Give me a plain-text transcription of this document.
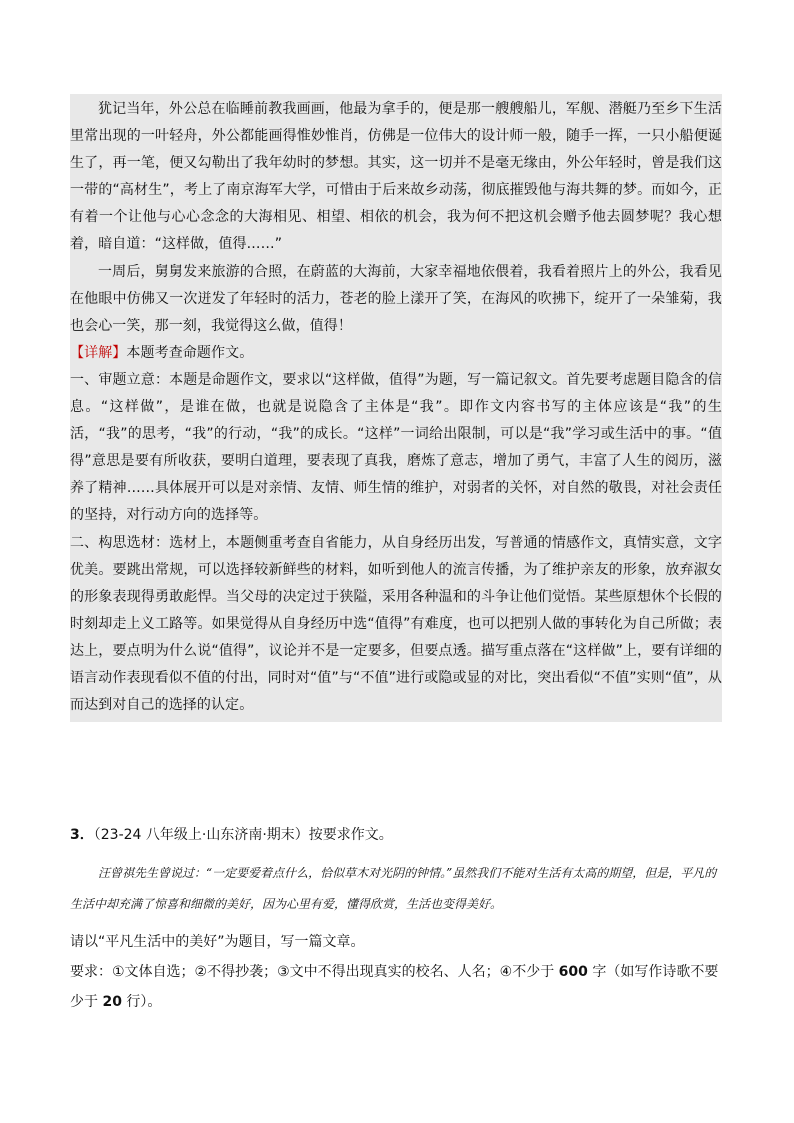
犹记当年，外公总在临睡前教我画画，他最为拿手的，便是那一艘艘船儿，军舰、潜艇乃至乡下生活里常出现的一叶轻舟，外公都能画得惟妙惟肖，仿佛是一位伟大的设计师一般，随手一挥，一只小船便诞生了，再一笔，便又勾勒出了我年幼时的梦想。其实，这一切并不是毫无缘由，外公年轻时，曾是我们这一带的“高材生”，考上了南京海军大学，可惜由于后来故乡动荡，彻底摧毁他与海共舞的梦。而如今，正有着一个让他与心心念念的大海相见、相望、相依的机会，我为何不把这机会赠予他去圆梦呢？我心想着，暗自道：“这样做，值得……”

一周后，舅舅发来旅游的合照，在蔚蓝的大海前，大家幸福地依偎着，我看着照片上的外公，我看见在他眼中仿佛又一次迸发了年轻时的活力，苍老的脸上漾开了笑，在海风的吹拂下，绽开了一朵雏菊，我也会心一笑，那一刻，我觉得这么做，值得！

【详解】本题考查命题作文。

一、审题立意：本题是命题作文，要求以“这样做，值得”为题，写一篇记叙文。首先要考虑题目隐含的信息。“这样做”，是谁在做，也就是说隐含了主体是“我”。即作文内容书写的主体应该是“我”的生活，“我”的思考，“我”的行动，“我”的成长。“这样”一词给出限制，可以是“我”学习或生活中的事。“值得”意思是要有所收获，要明白道理，要表现了真我，磨炼了意志，增加了勇气，丰富了人生的阅历，滋养了精神……具体展开可以是对亲情、友情、师生情的维护，对弱者的关怀，对自然的敬畏，对社会责任的坚持，对行动方向的选择等。

二、构思选材：选材上，本题侧重考查自省能力，从自身经历出发，写普通的情感作文，真情实意，文字优美。要跳出常规，可以选择较新鲜些的材料，如听到他人的流言传播，为了维护亲友的形象，放弃淑女的形象表现得勇敢彪悍。当父母的决定过于狭隘，采用各种温和的斗争让他们觉悟。某些原想休个长假的时刻却走上义工路等。如果觉得从自身经历中选“值得”有难度，也可以把别人做的事转化为自己所做；表达上，要点明为什么说“值得”，议论并不是一定要多，但要点透。描写重点落在“这样做”上，要有详细的语言动作表现看似不值的付出，同时对“值”与“不值”进行或隐或显的对比，突出看似“不值”实则“值”，从而达到对自己的选择的认定。

3．（23-24 八年级上·山东济南·期末）按要求作文。
汪曾祺先生曾说过：“一定要爱着点什么，恰似草木对光阴的钟情。”虽然我们不能对生活有太高的期望，但是，平凡的生活中却充满了惊喜和细微的美好，因为心里有爱，懂得欣赏，生活也变得美好。
请以“平凡生活中的美好”为题目，写一篇文章。
要求：①文体自选；②不得抄袭；③文中不得出现真实的校名、人名；④不少于 600 字（如写作诗歌不要少于 20 行）。
